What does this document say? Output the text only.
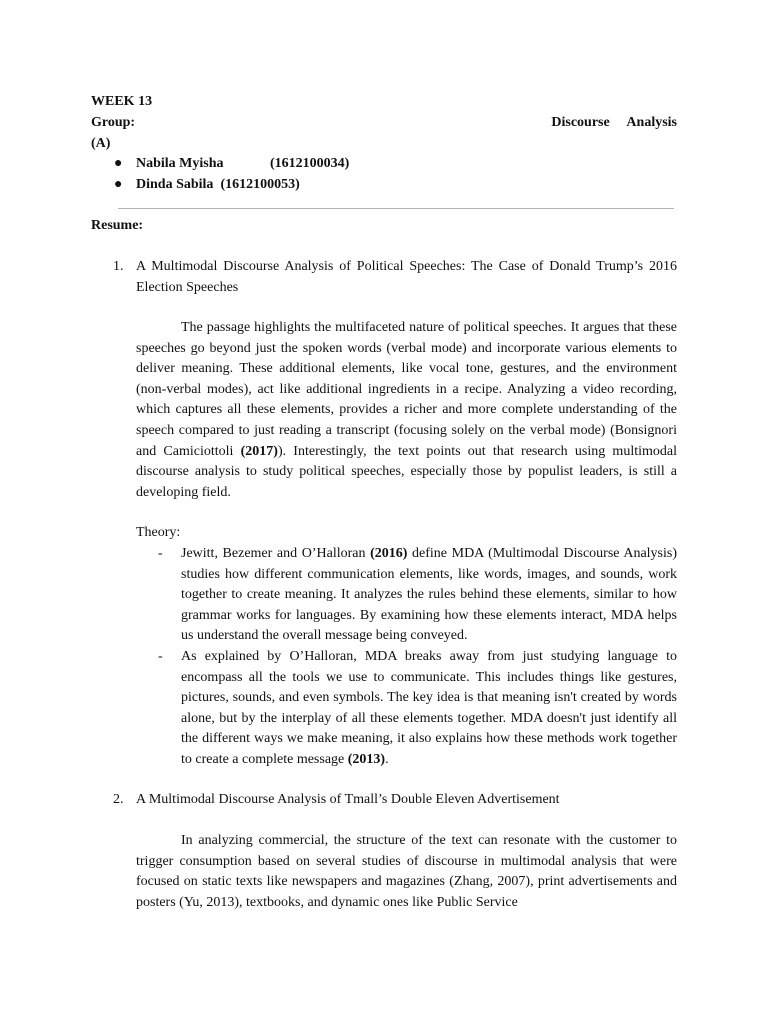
WEEK 13
Group:	Discourse Analysis
(A)
● Nabila Myisha	(1612100034)
● Dinda Sabila (1612100053)
Resume:
1. A Multimodal Discourse Analysis of Political Speeches: The Case of Donald Trump’s 2016 Election Speeches
The passage highlights the multifaceted nature of political speeches. It argues that these speeches go beyond just the spoken words (verbal mode) and incorporate various elements to deliver meaning. These additional elements, like vocal tone, gestures, and the environment (non-verbal modes), act like additional ingredients in a recipe. Analyzing a video recording, which captures all these elements, provides a richer and more complete understanding of the speech compared to just reading a transcript (focusing solely on the verbal mode) (Bonsignori and Camiciottoli (2017)). Interestingly, the text points out that research using multimodal discourse analysis to study political speeches, especially those by populist leaders, is still a developing field.
Theory:
- Jewitt, Bezemer and O’Halloran (2016) define MDA (Multimodal Discourse Analysis) studies how different communication elements, like words, images, and sounds, work together to create meaning. It analyzes the rules behind these elements, similar to how grammar works for languages. By examining how these elements interact, MDA helps us understand the overall message being conveyed.
- As explained by O’Halloran, MDA breaks away from just studying language to encompass all the tools we use to communicate. This includes things like gestures, pictures, sounds, and even symbols. The key idea is that meaning isn't created by words alone, but by the interplay of all these elements together. MDA doesn't just identify all the different ways we make meaning, it also explains how these methods work together to create a complete message (2013).
2. A Multimodal Discourse Analysis of Tmall’s Double Eleven Advertisement
In analyzing commercial, the structure of the text can resonate with the customer to trigger consumption based on several studies of discourse in multimodal analysis that were focused on static texts like newspapers and magazines (Zhang, 2007), print advertisements and posters (Yu, 2013), textbooks, and dynamic ones like Public Service
